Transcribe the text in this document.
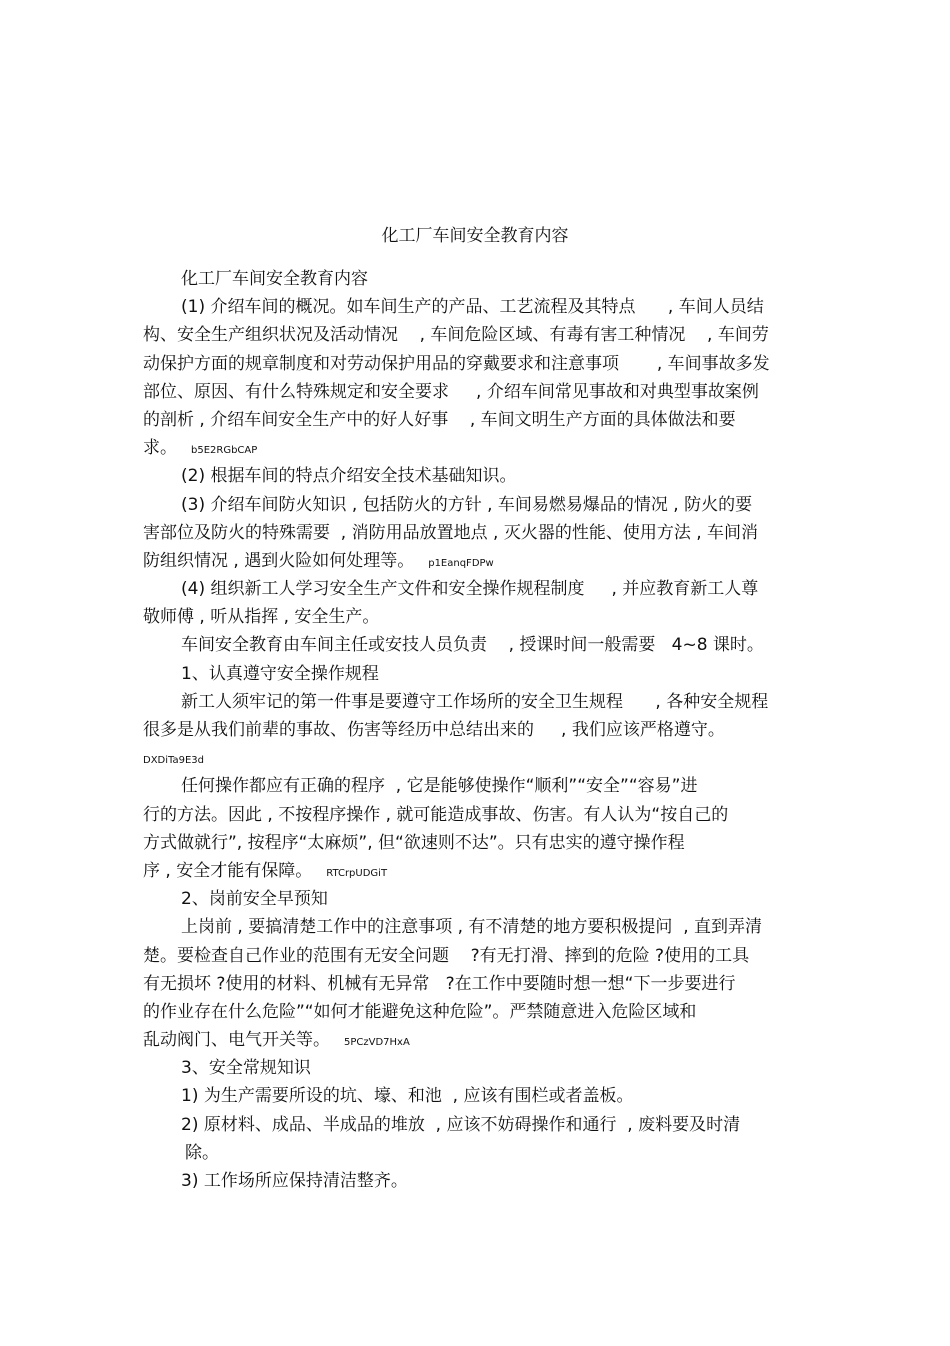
化工厂车间安全教育内容
化工厂车间安全教育内容
(1) 介绍车间的概况。如车间生产的产品、工艺流程及其特点      , 车间人员结
构、安全生产组织状况及活动情况    , 车间危险区域、有毒有害工种情况    , 车间劳
动保护方面的规章制度和对劳动保护用品的穿戴要求和注意事项       , 车间事故多发
部位、原因、有什么特殊规定和安全要求     , 介绍车间常见事故和对典型事故案例
的剖析 , 介绍车间安全生产中的好人好事    , 车间文明生产方面的具体做法和要
求。 b5E2RGbCAP
(2) 根据车间的特点介绍安全技术基础知识。
(3) 介绍车间防火知识 , 包括防火的方针 , 车间易燃易爆品的情况 , 防火的要
害部位及防火的特殊需要  , 消防用品放置地点 , 灭火器的性能、使用方法 , 车间消
防组织情况 , 遇到火险如何处理等。 p1EanqFDPw
(4) 组织新工人学习安全生产文件和安全操作规程制度     , 并应教育新工人尊
敬师傅 , 听从指挥 , 安全生产。
车间安全教育由车间主任或安技人员负责    , 授课时间一般需要   4~8 课时。
1、认真遵守安全操作规程
新工人须牢记的第一件事是要遵守工作场所的安全卫生规程      , 各种安全规程
很多是从我们前辈的事故、伤害等经历中总结出来的     , 我们应该严格遵守。
DXDiTa9E3d
任何操作都应有正确的程序  , 它是能够使操作“顺利”“安全”“容易”进
行的方法。因此 , 不按程序操作 , 就可能造成事故、伤害。有人认为“按自己的
方式做就行”, 按程序“太麻烦”, 但“欲速则不达”。只有忠实的遵守操作程
序 , 安全才能有保障。 RTCrpUDGiT
2、岗前安全早预知
上岗前 , 要搞清楚工作中的注意事项 , 有不清楚的地方要积极提问  , 直到弄清
楚。要检查自己作业的范围有无安全问题    ?有无打滑、摔到的危险 ?使用的工具
有无损坏 ?使用的材料、机械有无异常   ?在工作中要随时想一想“下一步要进行
的作业存在什么危险”“如何才能避免这种危险”。严禁随意进入危险区域和
乱动阀门、电气开关等。 5PCzVD7HxA
3、安全常规知识
1) 为生产需要所设的坑、壕、和池  , 应该有围栏或者盖板。
2) 原材料、成品、半成品的堆放  , 应该不妨碍操作和通行  , 废料要及时清
除。
3) 工作场所应保持清洁整齐。
